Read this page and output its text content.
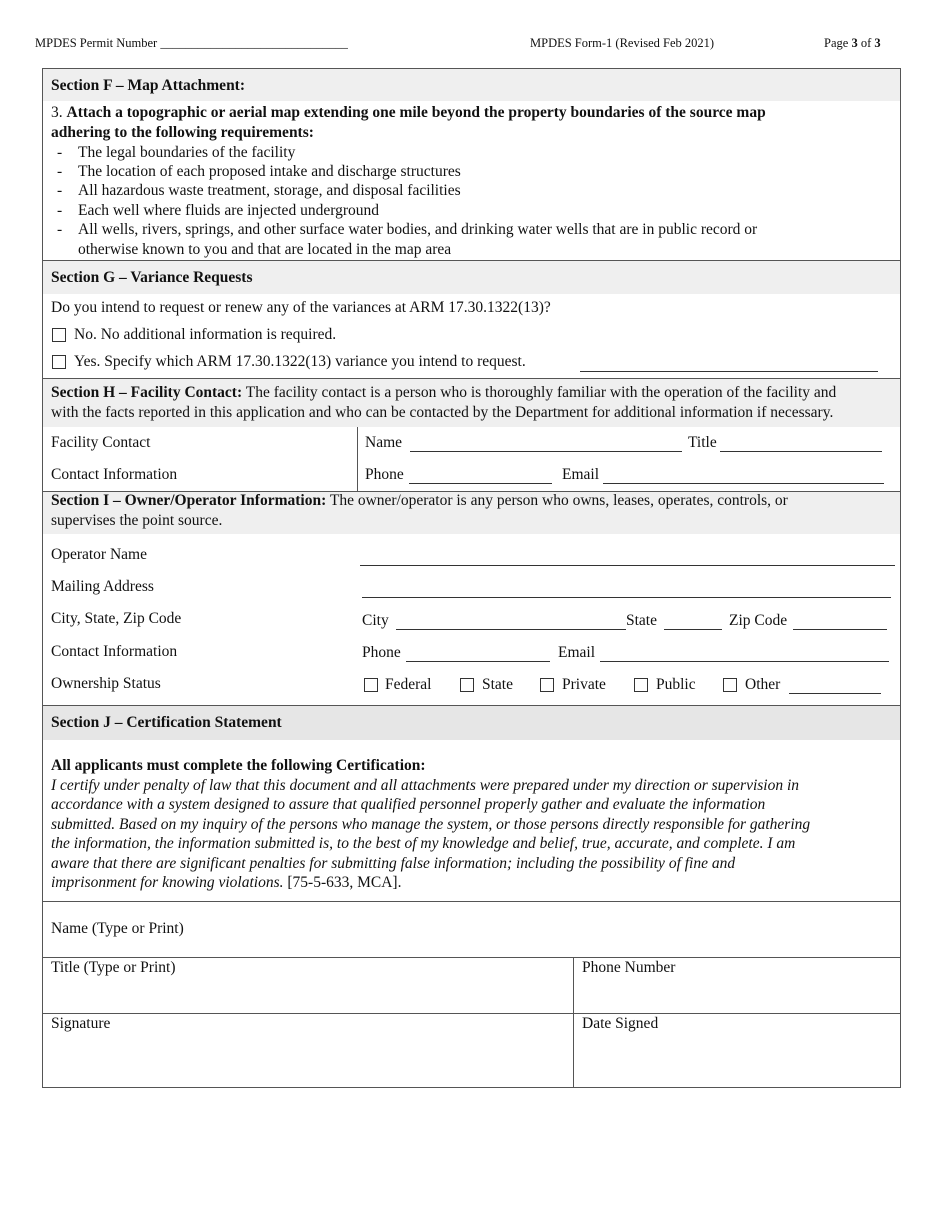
MPDES Permit Number ______________________________	MPDES Form-1 (Revised Feb 2021)	Page 3 of 3
Section F – Map Attachment:
3. Attach a topographic or aerial map extending one mile beyond the property boundaries of the source map
adhering to the following requirements:
- The legal boundaries of the facility
- The location of each proposed intake and discharge structures
- All hazardous waste treatment, storage, and disposal facilities
- Each well where fluids are injected underground
- All wells, rivers, springs, and other surface water bodies, and drinking water wells that are in public record or
otherwise known to you and that are located in the map area
Section G – Variance Requests
Do you intend to request or renew any of the variances at ARM 17.30.1322(13)?
No. No additional information is required.
Yes. Specify which ARM 17.30.1322(13) variance you intend to request.
Section H – Facility Contact: The facility contact is a person who is thoroughly familiar with the operation of the facility and
with the facts reported in this application and who can be contacted by the Department for additional information if necessary.
Facility Contact	Name	Title
Contact Information	Phone	Email
Section I – Owner/Operator Information: The owner/operator is any person who owns, leases, operates, controls, or
supervises the point source.
Operator Name
Mailing Address
City, State, Zip Code	City	State	Zip Code
Contact Information	Phone	Email
Ownership Status	Federal	State	Private	Public	Other
Section J – Certification Statement
All applicants must complete the following Certification:
I certify under penalty of law that this document and all attachments were prepared under my direction or supervision in
accordance with a system designed to assure that qualified personnel properly gather and evaluate the information
submitted. Based on my inquiry of the persons who manage the system, or those persons directly responsible for gathering
the information, the information submitted is, to the best of my knowledge and belief, true, accurate, and complete. I am
aware that there are significant penalties for submitting false information; including the possibility of fine and
imprisonment for knowing violations. [75-5-633, MCA].
Name (Type or Print)
Title (Type or Print)	Phone Number
Signature	Date Signed
